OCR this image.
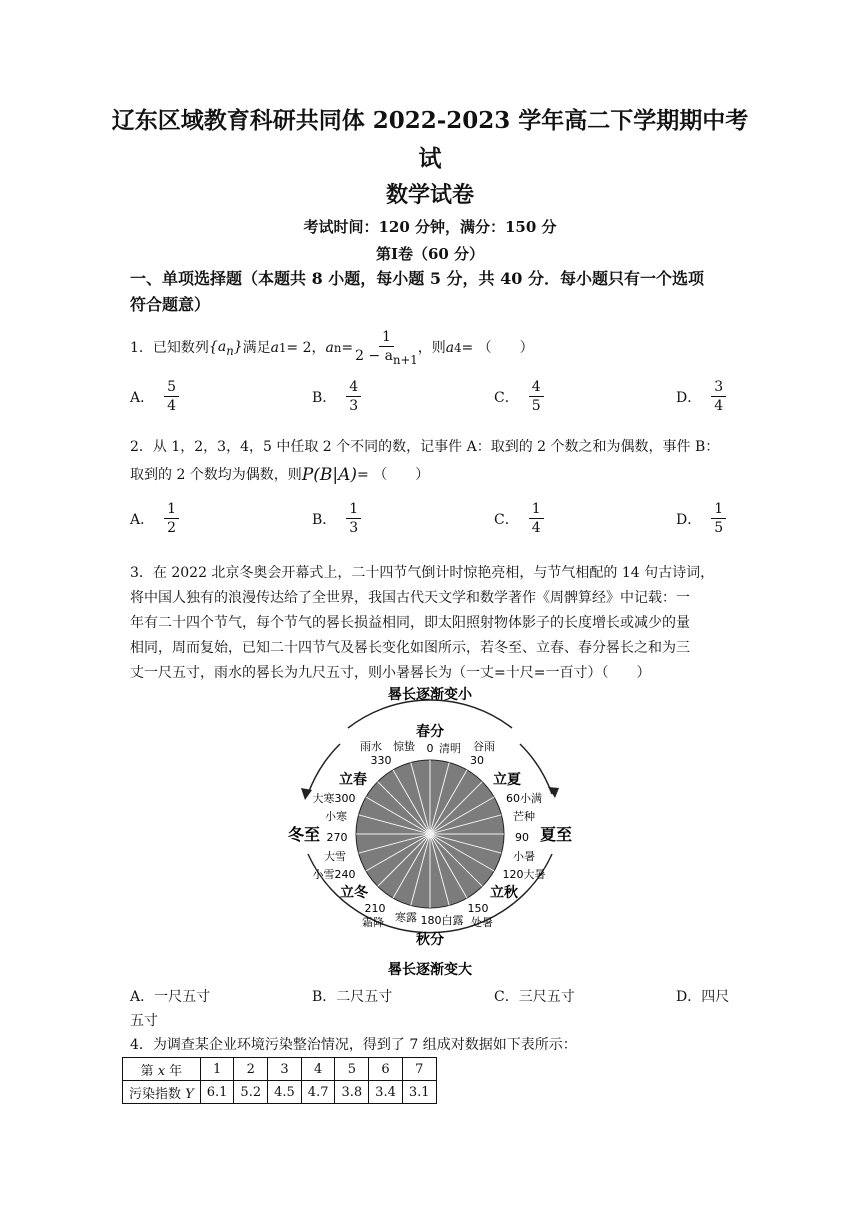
辽东区域教育科研共同体 2022-2023 学年高二下学期期中考
试
数学试卷
考试时间：120 分钟，满分：150 分
第Ⅰ卷（60 分）
一、单项选择题（本题共 8 小题，每小题 5 分，共 40 分．每小题只有一个选项
符合题意）
1．已知数列 $\{a_n\}$ 满足 a 1 = 2， a $n = \frac{1}{2 - a_{n+1}}$ ，则 a 4 = （　　）
A． $\frac{5}{4}$	B． $\frac{4}{3}$	C． $\frac{4}{5}$	D． $\frac{3}{4}$
2．从 1，2，3，4，5 中任取 2 个不同的数，记事件 A：取到的 2 个数之和为偶数，事件 B：
取到的 2 个数均为偶数，则 P(B|A) = （　　）
A． $\frac{1}{2}$	B． $\frac{1}{3}$	C． $\frac{1}{4}$	D． $\frac{1}{5}$
3．在 2022 北京冬奥会开幕式上，二十四节气倒计时惊艳亮相，与节气相配的 14 句古诗词，
将中国人独有的浪漫传达给了全世界，我国古代天文学和数学著作《周髀算经》中记载：一
年有二十四个节气，每个节气的晷长损益相同，即太阳照射物体影子的长度增长或减少的量
相同，周而复始，已知二十四节气及晷长变化如图所示，若冬至、立春、春分晷长之和为三
丈一尺五寸，雨水的晷长为九尺五寸，则小暑晷长为（一丈=十尺=一百寸）（　　）
晷长逐渐变小
冬至	夏至
春分
0
惊蛰 清明
雨水	谷雨
330	30
立春	立夏
大寒300	60小满
小寒	芒种
270	90
大雪	小暑
小雪240	120大暑
立冬	立秋
210	150
霜降 寒露 180白露 处暑
秋分
晷长逐渐变大
A． 一尺五寸	B． 二尺五寸	C． 三尺五寸	D． 四尺
五寸
4．为调查某企业环境污染整治情况，得到了 7 组成对数据如下表所示：
第 x 年	1	2	3	4	5	6	7
污染指数 Y	6.1	5.2	4.5	4.7	3.8	3.4	3.1
